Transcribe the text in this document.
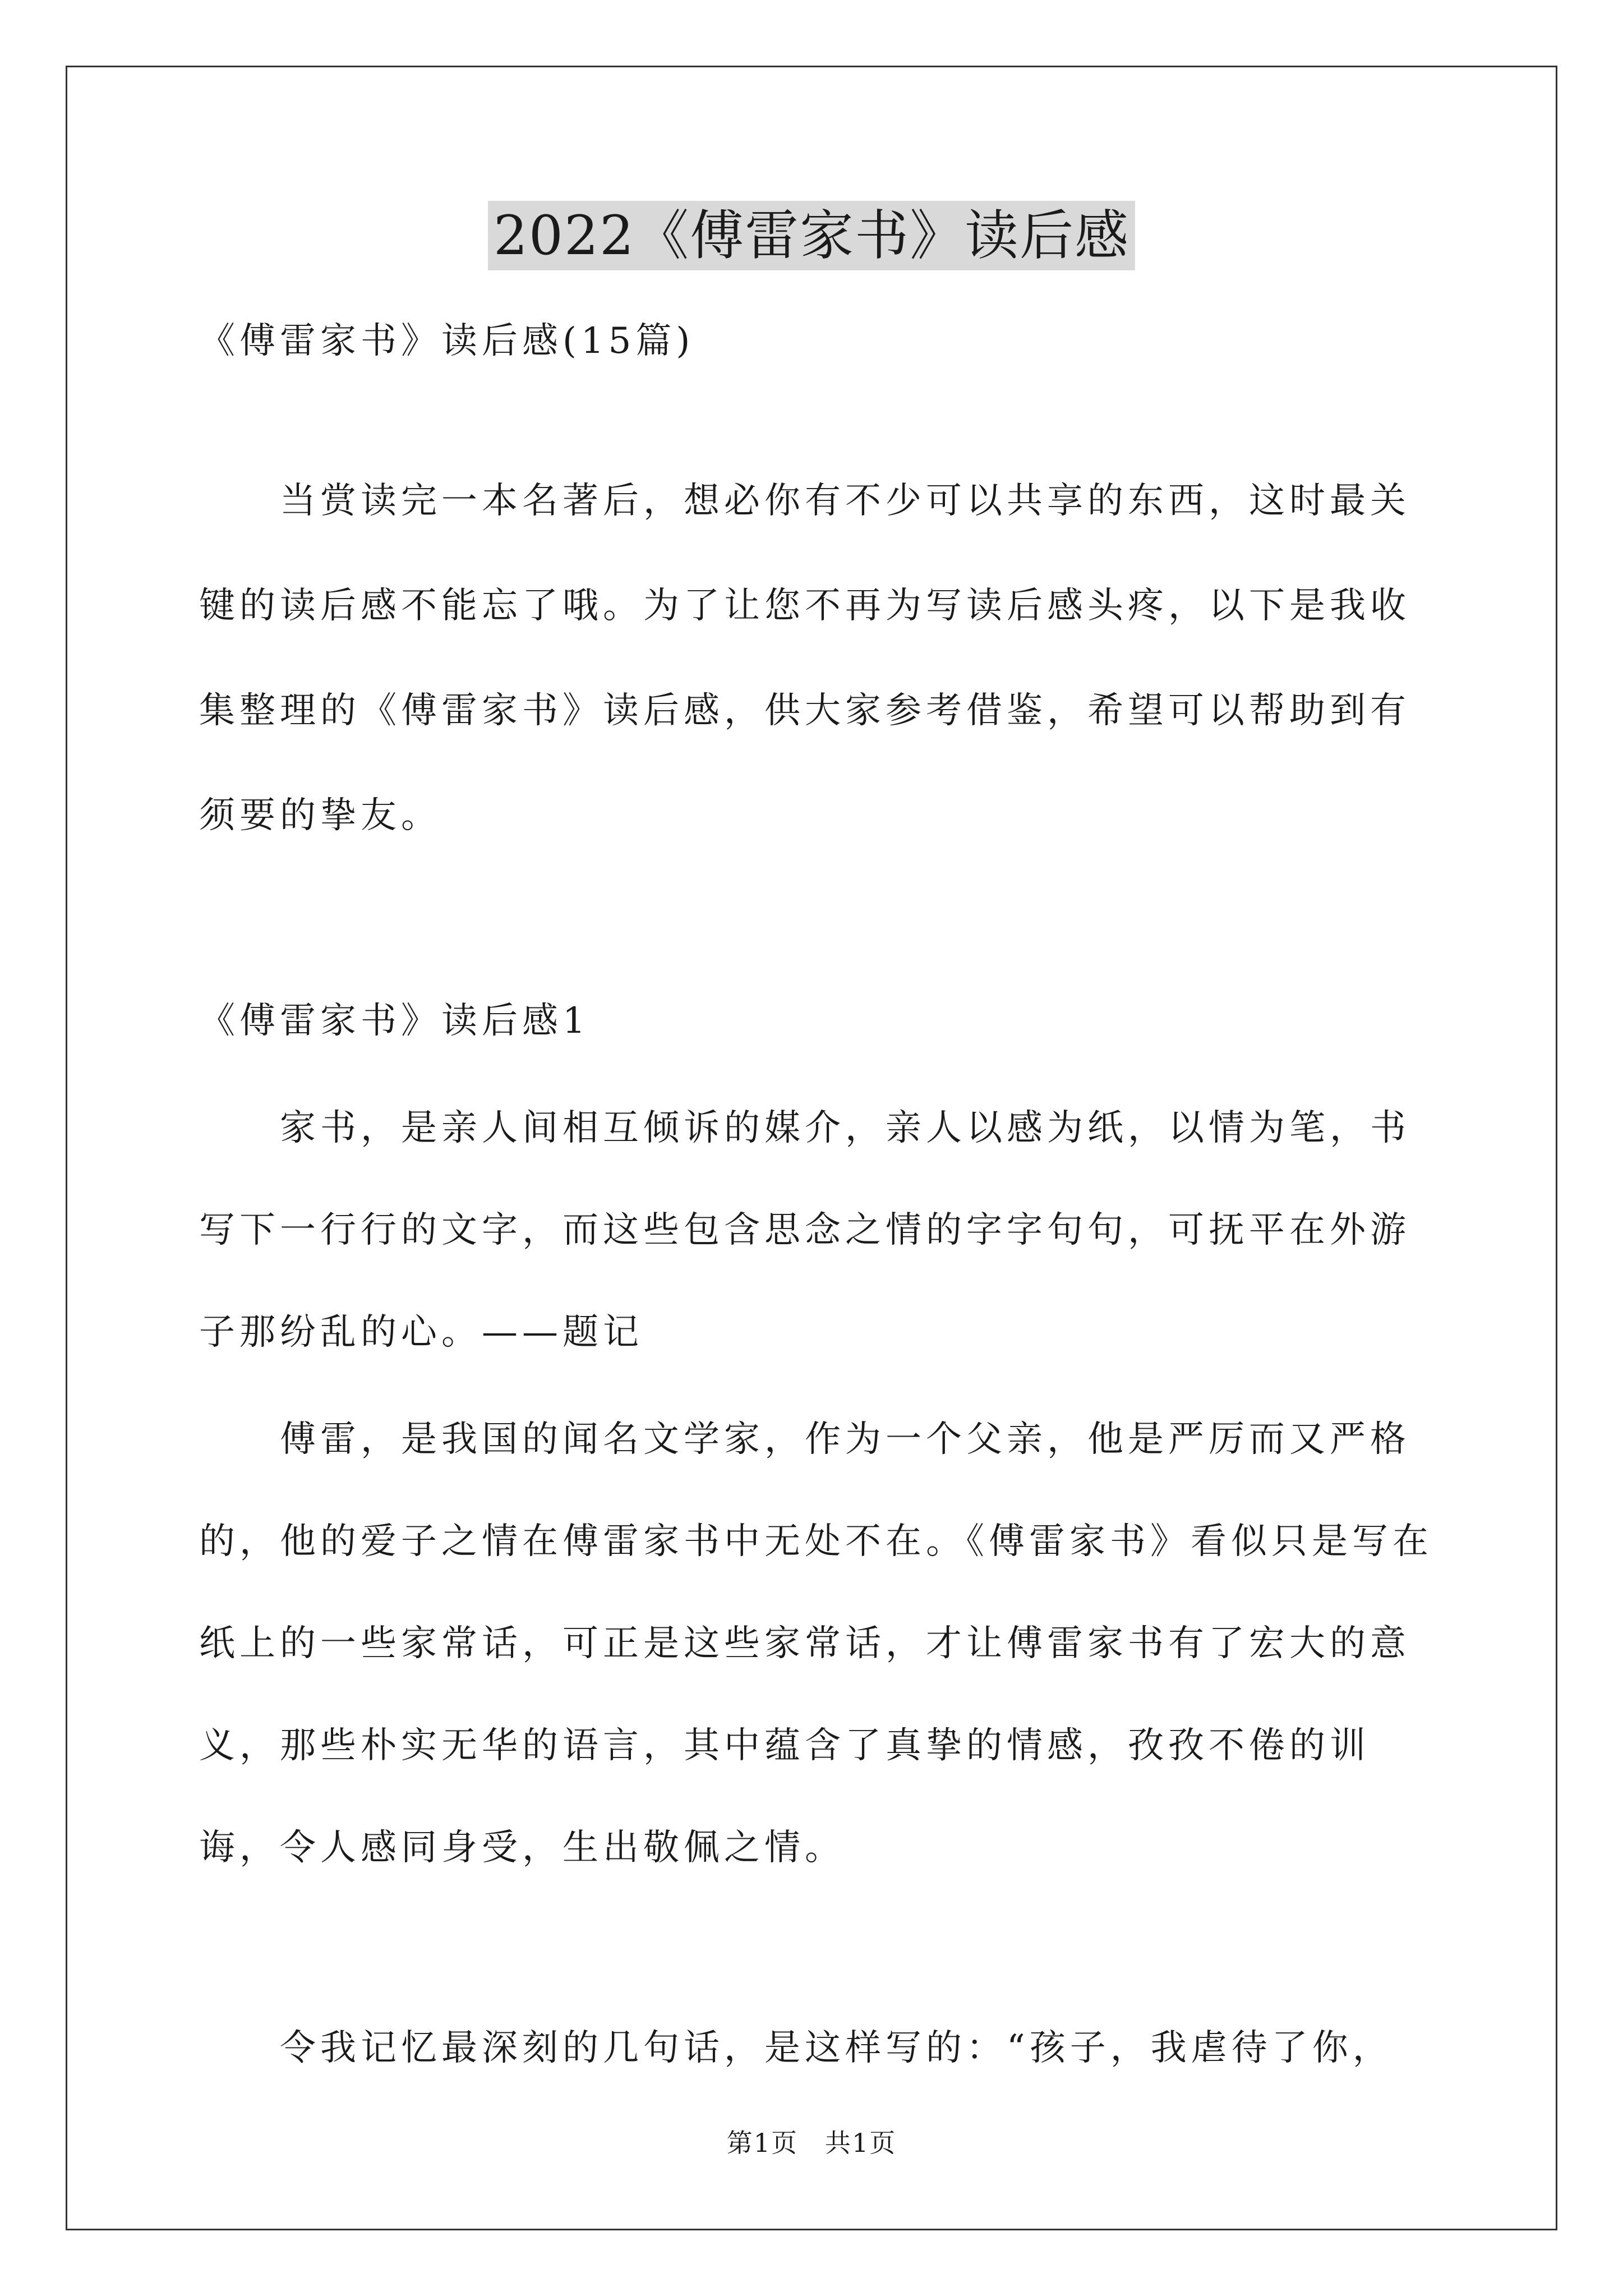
2022《傅雷家书》读后感
《傅雷家书》读后感(15篇)

当赏读完一本名著后，想必你有不少可以共享的东西，这时最关键的读后感不能忘了哦。为了让您不再为写读后感头疼，以下是我收集整理的《傅雷家书》读后感，供大家参考借鉴，希望可以帮助到有须要的挚友。

《傅雷家书》读后感1

家书，是亲人间相互倾诉的媒介，亲人以感为纸，以情为笔，书写下一行行的文字，而这些包含思念之情的字字句句，可抚平在外游子那纷乱的心。——题记

傅雷，是我国的闻名文学家，作为一个父亲，他是严厉而又严格的，他的爱子之情在傅雷家书中无处不在。《傅雷家书》看似只是写在纸上的一些家常话，可正是这些家常话，才让傅雷家书有了宏大的意义，那些朴实无华的语言，其中蕴含了真挚的情感，孜孜不倦的训诲，令人感同身受，生出敬佩之情。

令我记忆最深刻的几句话，是这样写的：“孩子，我虐待了你，

第1页　共1页
